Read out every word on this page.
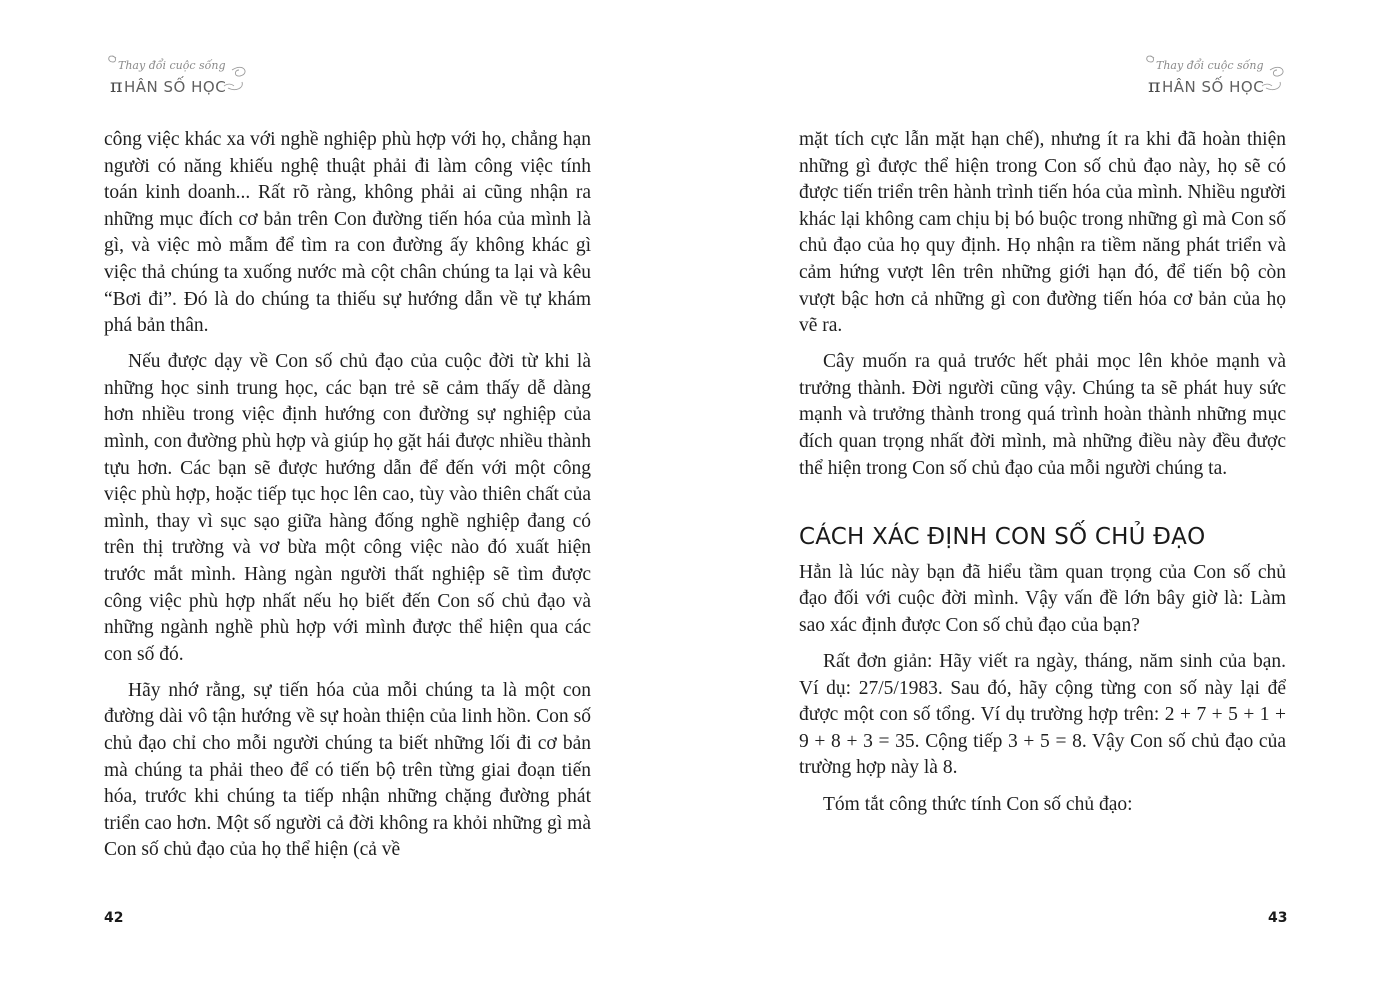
Thay đổi cuộc sống
πHÂN SỐ HỌC

công việc khác xa với nghề nghiệp phù hợp với họ, chẳng hạn người có năng khiếu nghệ thuật phải đi làm công việc tính toán kinh doanh... Rất rõ ràng, không phải ai cũng nhận ra những mục đích cơ bản trên Con đường tiến hóa của mình là gì, và việc mò mẫm để tìm ra con đường ấy không khác gì việc thả chúng ta xuống nước mà cột chân chúng ta lại và kêu “Bơi đi”. Đó là do chúng ta thiếu sự hướng dẫn về tự khám phá bản thân.

Nếu được dạy về Con số chủ đạo của cuộc đời từ khi là những học sinh trung học, các bạn trẻ sẽ cảm thấy dễ dàng hơn nhiều trong việc định hướng con đường sự nghiệp của mình, con đường phù hợp và giúp họ gặt hái được nhiều thành tựu hơn. Các bạn sẽ được hướng dẫn để đến với một công việc phù hợp, hoặc tiếp tục học lên cao, tùy vào thiên chất của mình, thay vì sục sạo giữa hàng đống nghề nghiệp đang có trên thị trường và vơ bừa một công việc nào đó xuất hiện trước mắt mình. Hàng ngàn người thất nghiệp sẽ tìm được công việc phù hợp nhất nếu họ biết đến Con số chủ đạo và những ngành nghề phù hợp với mình được thể hiện qua các con số đó.

Hãy nhớ rằng, sự tiến hóa của mỗi chúng ta là một con đường dài vô tận hướng về sự hoàn thiện của linh hồn. Con số chủ đạo chỉ cho mỗi người chúng ta biết những lối đi cơ bản mà chúng ta phải theo để có tiến bộ trên từng giai đoạn tiến hóa, trước khi chúng ta tiếp nhận những chặng đường phát triển cao hơn. Một số người cả đời không ra khỏi những gì mà Con số chủ đạo của họ thể hiện (cả về

42
Thay đổi cuộc sống
πHÂN SỐ HỌC

mặt tích cực lẫn mặt hạn chế), nhưng ít ra khi đã hoàn thiện những gì được thể hiện trong Con số chủ đạo này, họ sẽ có được tiến triển trên hành trình tiến hóa của mình. Nhiều người khác lại không cam chịu bị bó buộc trong những gì mà Con số chủ đạo của họ quy định. Họ nhận ra tiềm năng phát triển và cảm hứng vượt lên trên những giới hạn đó, để tiến bộ còn vượt bậc hơn cả những gì con đường tiến hóa cơ bản của họ vẽ ra.

Cây muốn ra quả trước hết phải mọc lên khỏe mạnh và trưởng thành. Đời người cũng vậy. Chúng ta sẽ phát huy sức mạnh và trưởng thành trong quá trình hoàn thành những mục đích quan trọng nhất đời mình, mà những điều này đều được thể hiện trong Con số chủ đạo của mỗi người chúng ta.

CÁCH XÁC ĐỊNH CON SỐ CHỦ ĐẠO

Hẳn là lúc này bạn đã hiểu tầm quan trọng của Con số chủ đạo đối với cuộc đời mình. Vậy vấn đề lớn bây giờ là: Làm sao xác định được Con số chủ đạo của bạn?

Rất đơn giản: Hãy viết ra ngày, tháng, năm sinh của bạn. Ví dụ: 27/5/1983. Sau đó, hãy cộng từng con số này lại để được một con số tổng. Ví dụ trường hợp trên: 2 + 7 + 5 + 1 + 9 + 8 + 3 = 35. Cộng tiếp 3 + 5 = 8. Vậy Con số chủ đạo của trường hợp này là 8.

Tóm tắt công thức tính Con số chủ đạo:

43
